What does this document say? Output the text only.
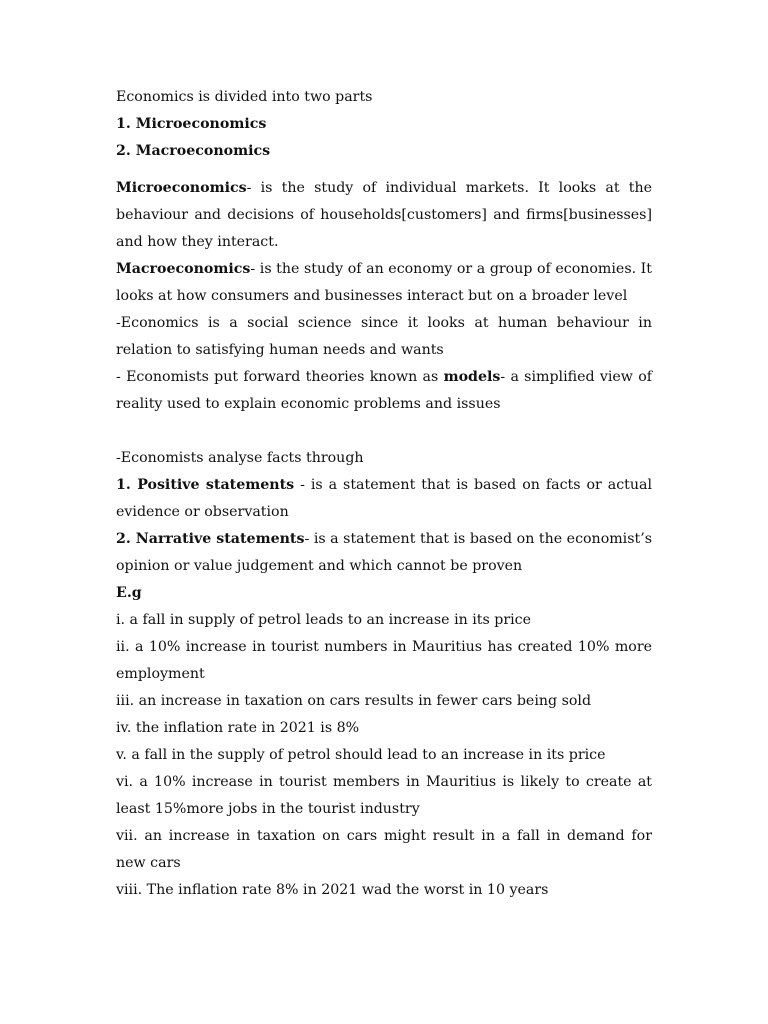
Economics is divided into two parts

1. Microeconomics

2. Macroeconomics

Microeconomics- is the study of individual markets. It looks at the behaviour and decisions of households[customers] and firms[businesses] and how they interact.

Macroeconomics- is the study of an economy or a group of economies. It looks at how consumers and businesses interact but on a broader level

-Economics is a social science since it looks at human behaviour in relation to satisfying human needs and wants

- Economists put forward theories known as models- a simplified view of reality used to explain economic problems and issues

-Economists analyse facts through

1. Positive statements - is a statement that is based on facts or actual evidence or observation

2. Narrative statements- is a statement that is based on the economist’s opinion or value judgement and which cannot be proven

E.g

i. a fall in supply of petrol leads to an increase in its price

ii. a 10% increase in tourist numbers in Mauritius has created 10% more employment

iii. an increase in taxation on cars results in fewer cars being sold

iv. the inflation rate in 2021 is 8%

v. a fall in the supply of petrol should lead to an increase in its price

vi. a 10% increase in tourist members in Mauritius is likely to create at least 15%more jobs in the tourist industry

vii. an increase in taxation on cars might result in a fall in demand for new cars

viii. The inflation rate 8% in 2021 wad the worst in 10 years
